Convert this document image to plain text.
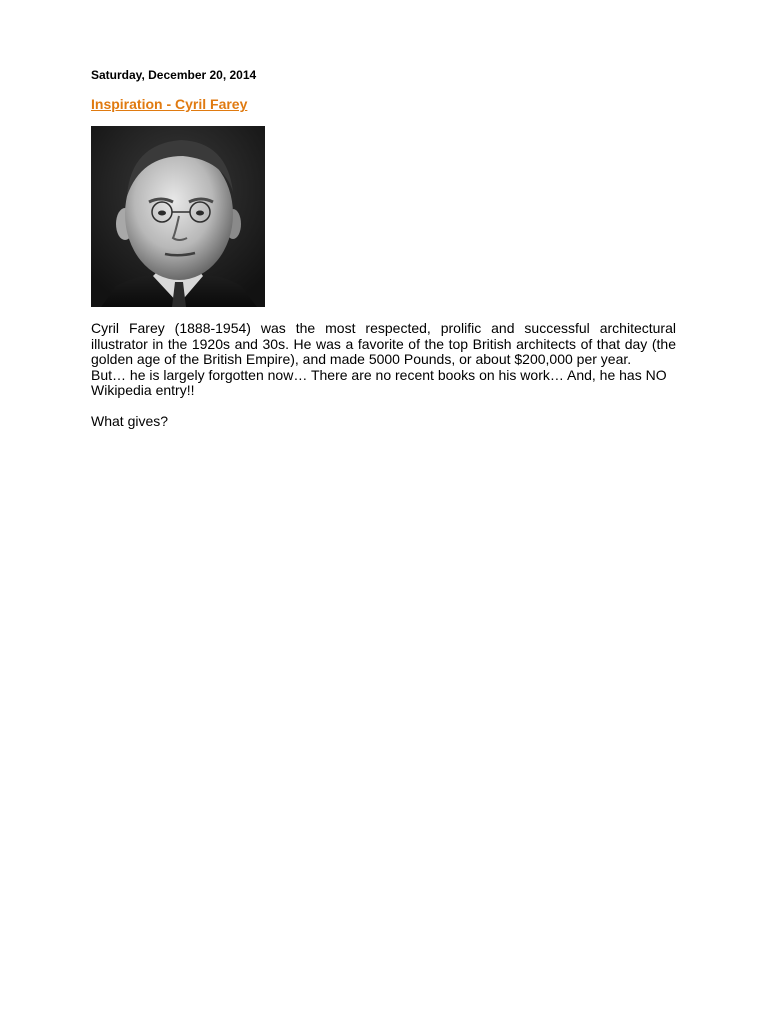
Saturday, December 20, 2014
Inspiration - Cyril Farey

Cyril Farey (1888-1954) was the most respected, prolific and successful architectural illustrator in the 1920s and 30s. He was a favorite of the top British architects of that day (the golden age of the British Empire), and made 5000 Pounds, or about $200,000 per year.

But… he is largely forgotten now… There are no recent books on his work… And, he has NO Wikipedia entry!!

What gives?
